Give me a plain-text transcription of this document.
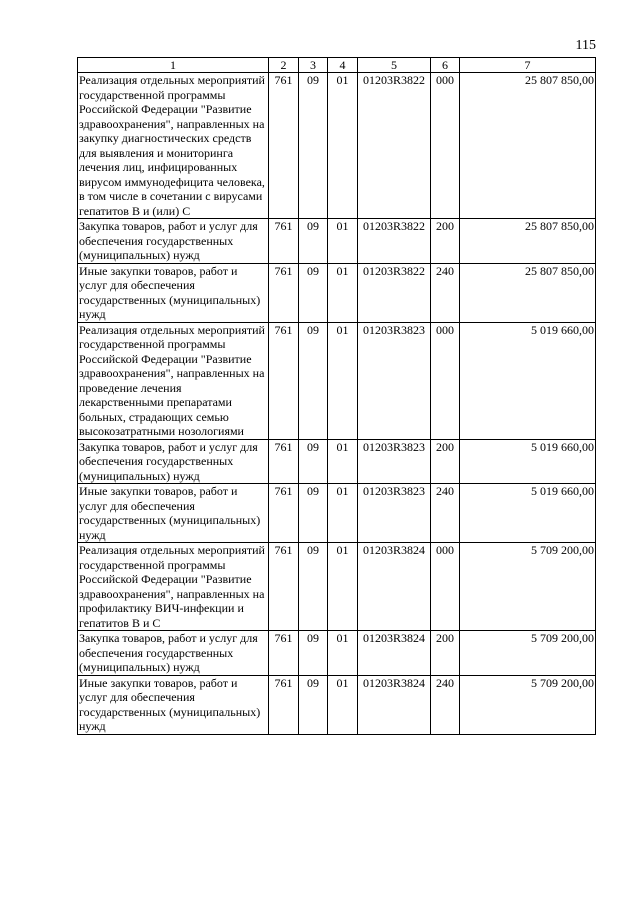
115
1	2	3	4	5	6	7
Реализация отдельных мероприятий государственной программы Российской Федерации "Развитие здравоохранения", направленных на закупку диагностических средств для выявления и мониторинга лечения лиц, инфицированных вирусом иммунодефицита человека, в том числе в сочетании с вирусами гепатитов В и (или) С	761	09	01	01203R3822	000	25 807 850,00
Закупка товаров, работ и услуг для обеспечения государственных (муниципальных) нужд	761	09	01	01203R3822	200	25 807 850,00
Иные закупки товаров, работ и услуг для обеспечения государственных (муниципальных) нужд	761	09	01	01203R3822	240	25 807 850,00
Реализация отдельных мероприятий государственной программы Российской Федерации "Развитие здравоохранения", направленных на проведение лечения лекарственными препаратами больных, страдающих семью высокозатратными нозологиями	761	09	01	01203R3823	000	5 019 660,00
Закупка товаров, работ и услуг для обеспечения государственных (муниципальных) нужд	761	09	01	01203R3823	200	5 019 660,00
Иные закупки товаров, работ и услуг для обеспечения государственных (муниципальных) нужд	761	09	01	01203R3823	240	5 019 660,00
Реализация отдельных мероприятий государственной программы Российской Федерации "Развитие здравоохранения", направленных на профилактику ВИЧ-инфекции и гепатитов В и С	761	09	01	01203R3824	000	5 709 200,00
Закупка товаров, работ и услуг для обеспечения государственных (муниципальных) нужд	761	09	01	01203R3824	200	5 709 200,00
Иные закупки товаров, работ и услуг для обеспечения государственных (муниципальных) нужд	761	09	01	01203R3824	240	5 709 200,00
